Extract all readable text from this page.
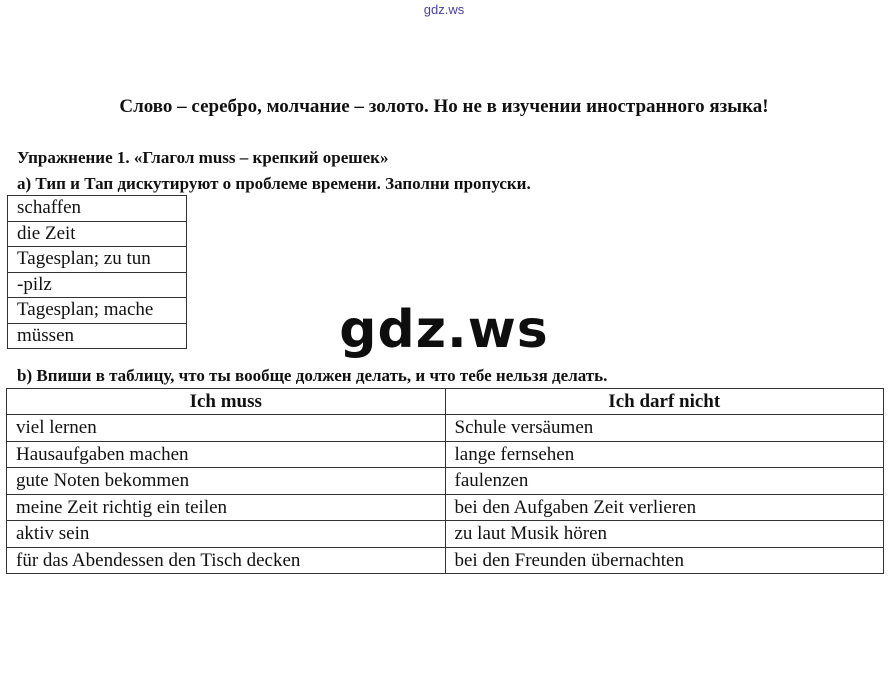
gdz.ws
Слово – серебро, молчание – золото. Но не в изучении иностранного языка!
Упражнение 1. «Глагол muss – крепкий орешек»
a) Тип и Тап дискутируют о проблеме времени. Заполни пропуски.
schaffen
die Zeit
Tagesplan; zu tun
-pilz
Tagesplan; mache
müssen
b) Впиши в таблицу, что ты вообще должен делать, и что тебе нельзя делать.
Ich muss	Ich darf nicht
viel lernen	Schule versäumen
Hausaufgaben machen	lange fernsehen
gute Noten bekommen	faulenzen
meine Zeit richtig ein teilen	bei den Aufgaben Zeit verlieren
aktiv sein	zu laut Musik hören
für das Abendessen den Tisch decken	bei den Freunden übernachten
gdz.ws
